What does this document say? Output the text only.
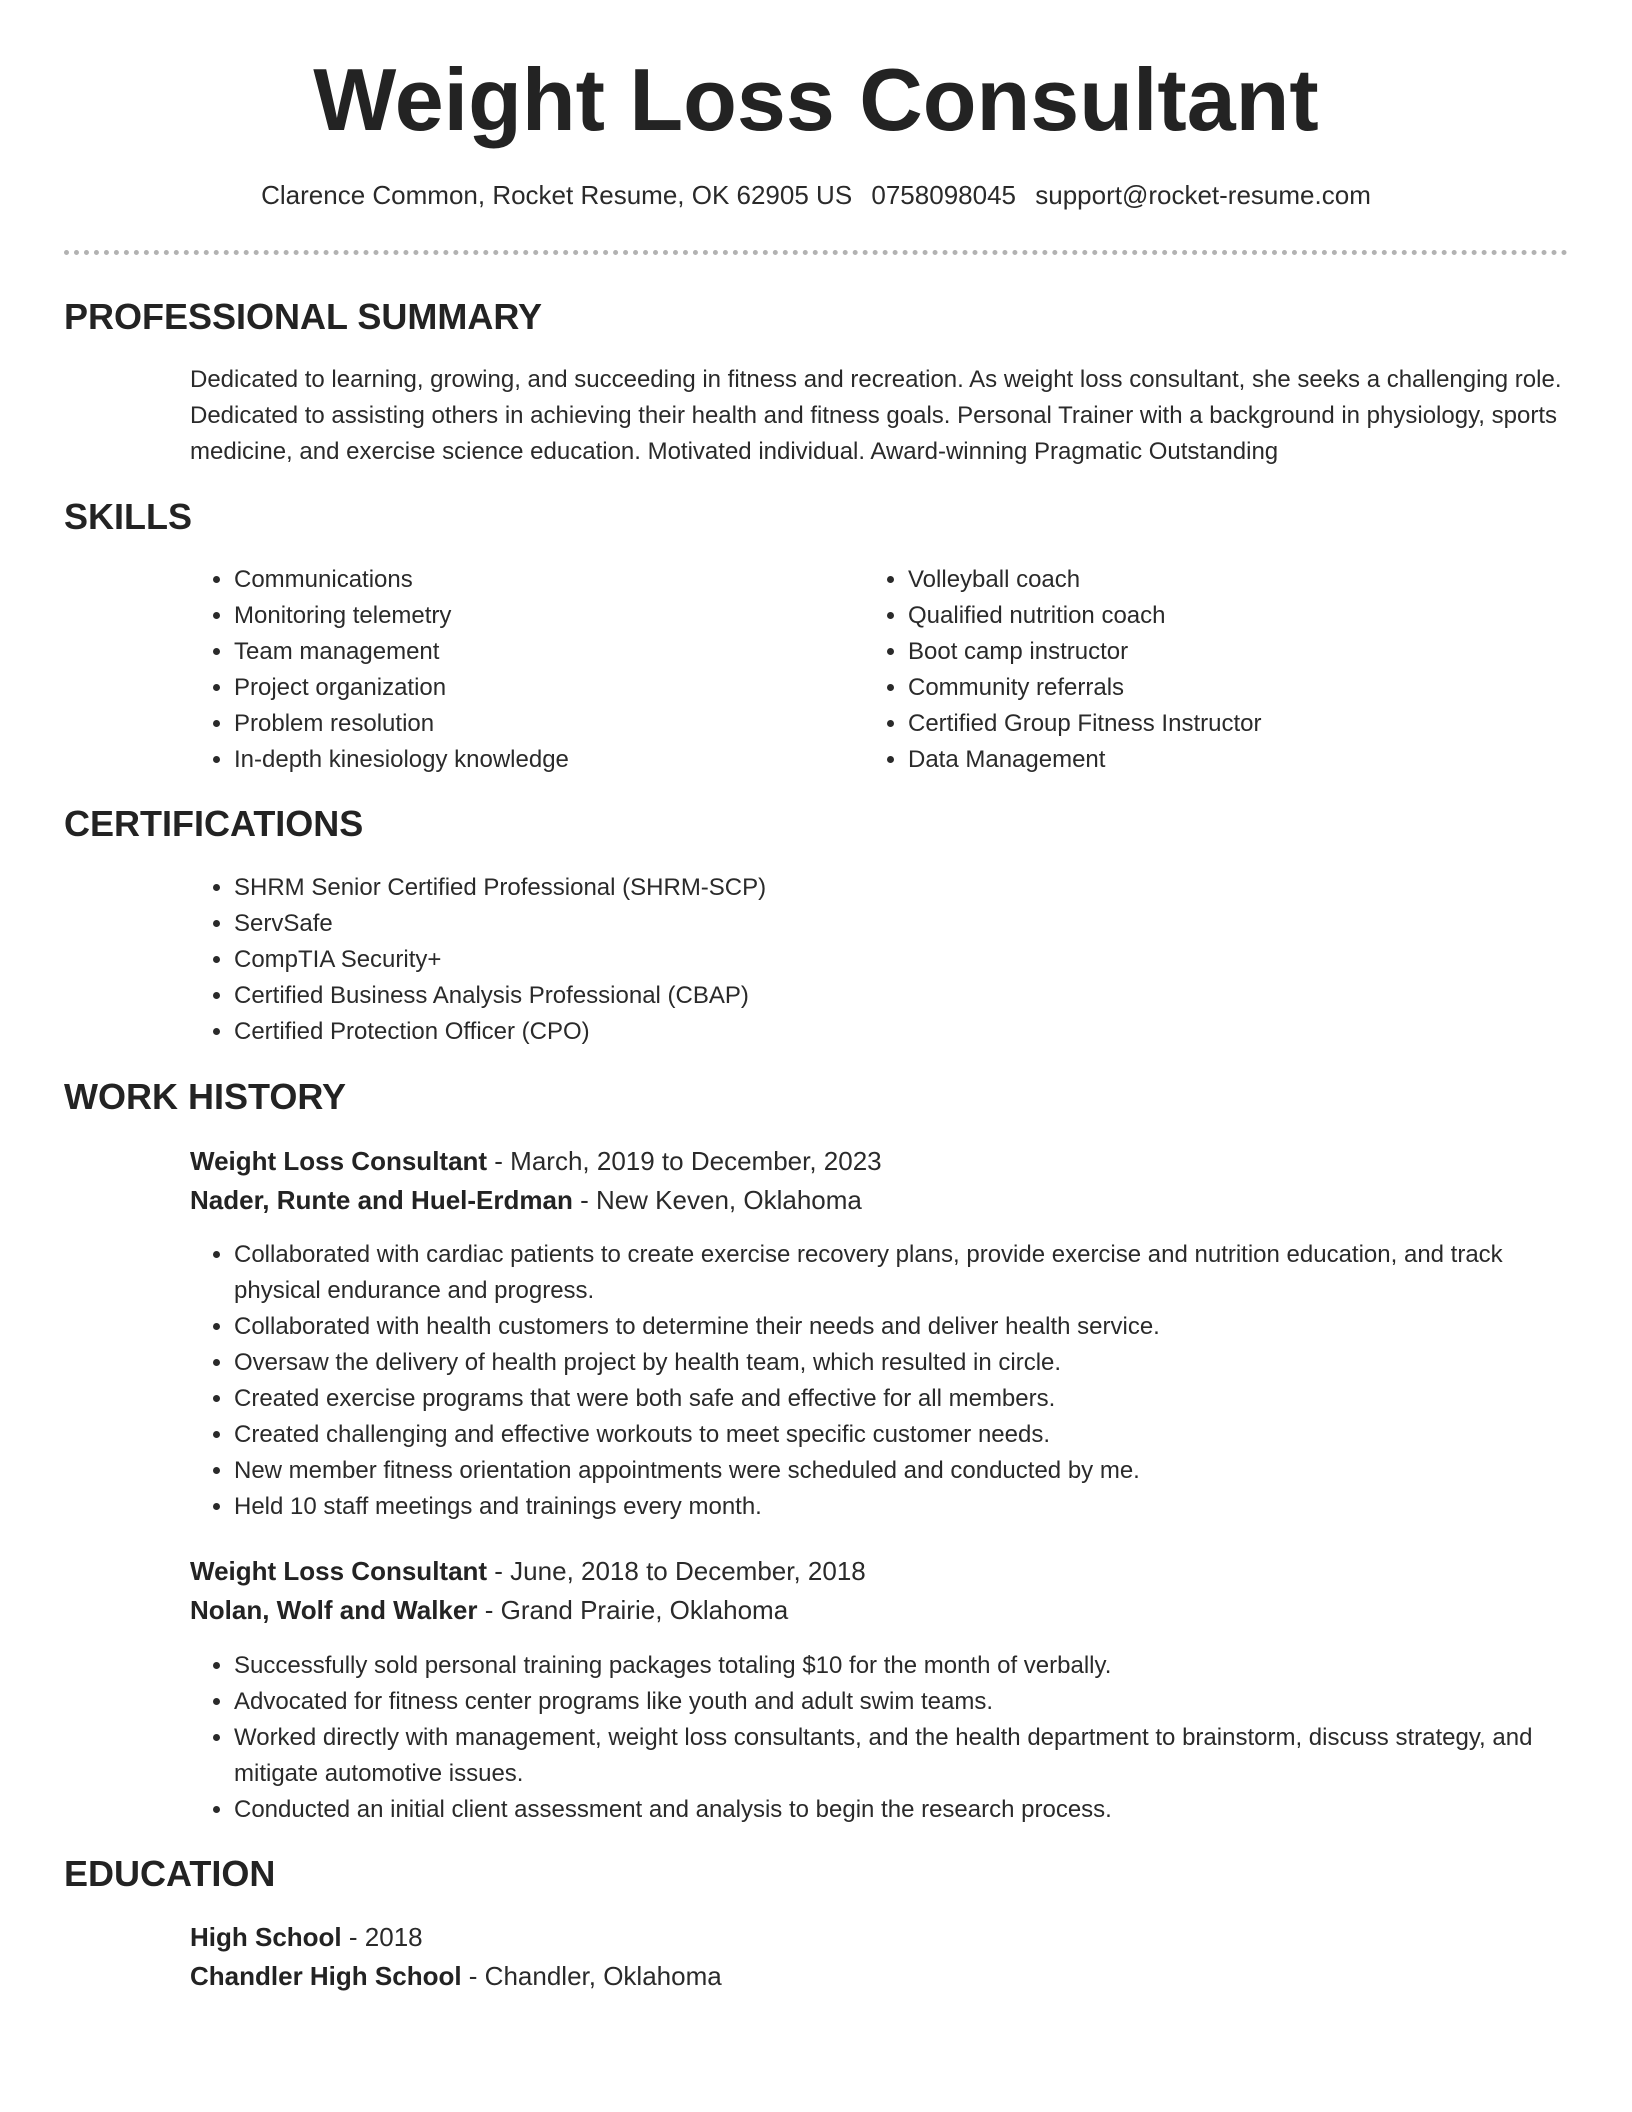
Weight Loss Consultant
Clarence Common, Rocket Resume, OK 62905 US 0758098045 support@rocket-resume.com
PROFESSIONAL SUMMARY
Dedicated to learning, growing, and succeeding in fitness and recreation. As weight loss consultant, she seeks a challenging role. Dedicated to assisting others in achieving their health and fitness goals. Personal Trainer with a background in physiology, sports medicine, and exercise science education. Motivated individual. Award-winning Pragmatic Outstanding
SKILLS
• Communications
• Monitoring telemetry
• Team management
• Project organization
• Problem resolution
• In-depth kinesiology knowledge
• Volleyball coach
• Qualified nutrition coach
• Boot camp instructor
• Community referrals
• Certified Group Fitness Instructor
• Data Management
CERTIFICATIONS
• SHRM Senior Certified Professional (SHRM-SCP)
• ServSafe
• CompTIA Security+
• Certified Business Analysis Professional (CBAP)
• Certified Protection Officer (CPO)
WORK HISTORY
Weight Loss Consultant - March, 2019 to December, 2023
Nader, Runte and Huel-Erdman - New Keven, Oklahoma
• Collaborated with cardiac patients to create exercise recovery plans, provide exercise and nutrition education, and track physical endurance and progress.
• Collaborated with health customers to determine their needs and deliver health service.
• Oversaw the delivery of health project by health team, which resulted in circle.
• Created exercise programs that were both safe and effective for all members.
• Created challenging and effective workouts to meet specific customer needs.
• New member fitness orientation appointments were scheduled and conducted by me.
• Held 10 staff meetings and trainings every month.
Weight Loss Consultant - June, 2018 to December, 2018
Nolan, Wolf and Walker - Grand Prairie, Oklahoma
• Successfully sold personal training packages totaling $10 for the month of verbally.
• Advocated for fitness center programs like youth and adult swim teams.
• Worked directly with management, weight loss consultants, and the health department to brainstorm, discuss strategy, and mitigate automotive issues.
• Conducted an initial client assessment and analysis to begin the research process.
EDUCATION
High School - 2018
Chandler High School - Chandler, Oklahoma
